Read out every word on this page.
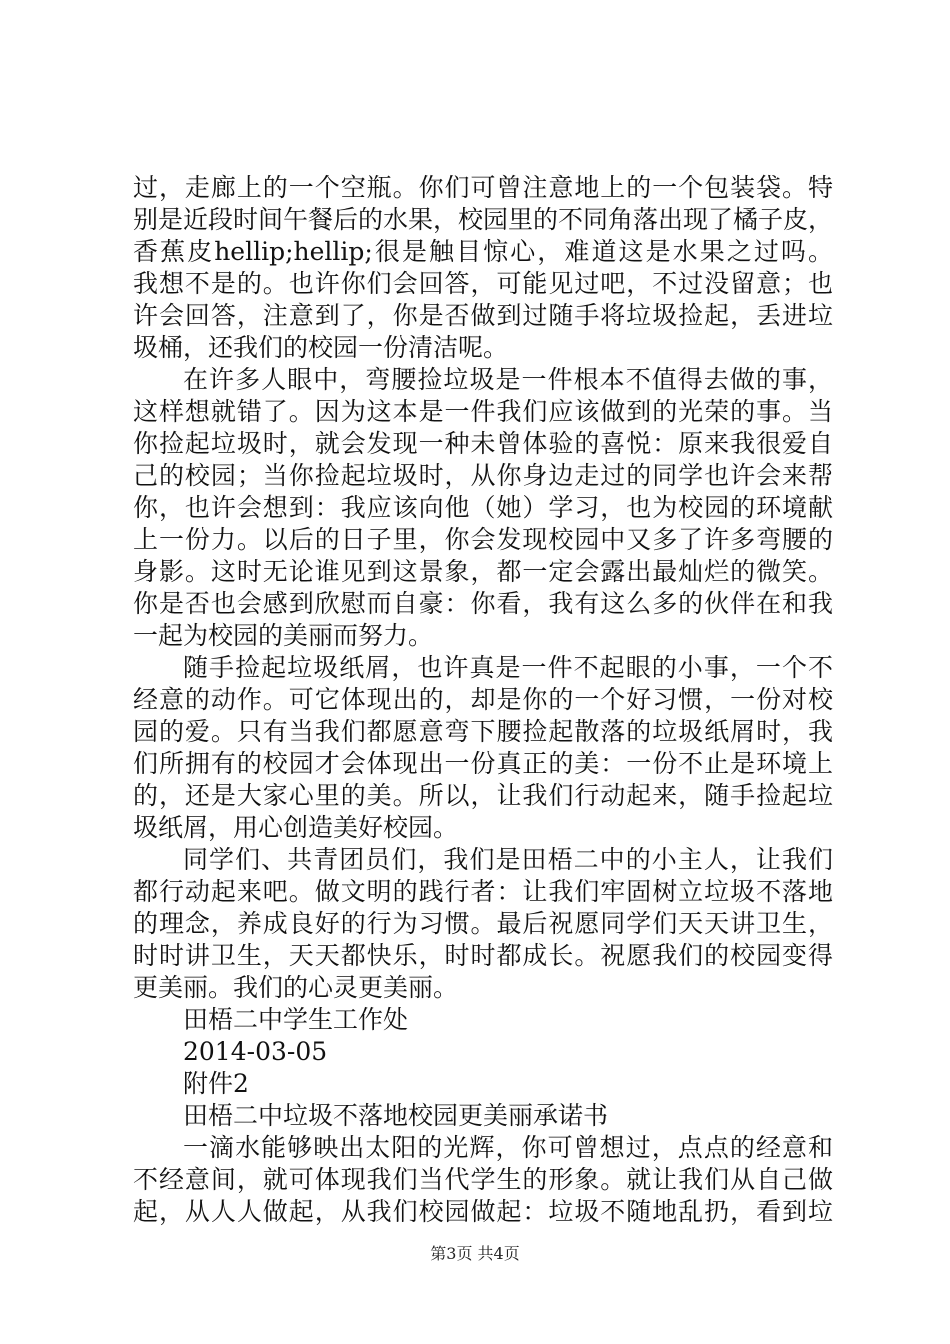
过，走廊上的一个空瓶。你们可曾注意地上的一个包装袋。特
别是近段时间午餐后的水果，校园里的不同角落出现了橘子皮，
香蕉皮hellip;hellip;很是触目惊心，难道这是水果之过吗。
我想不是的。也许你们会回答，可能见过吧，不过没留意；也
许会回答，注意到了，你是否做到过随手将垃圾捡起，丢进垃
圾桶，还我们的校园一份清洁呢。
在许多人眼中，弯腰捡垃圾是一件根本不值得去做的事，
这样想就错了。因为这本是一件我们应该做到的光荣的事。当
你捡起垃圾时，就会发现一种未曾体验的喜悦：原来我很爱自
己的校园；当你捡起垃圾时，从你身边走过的同学也许会来帮
你，也许会想到：我应该向他（她）学习，也为校园的环境献
上一份力。以后的日子里，你会发现校园中又多了许多弯腰的
身影。这时无论谁见到这景象，都一定会露出最灿烂的微笑。
你是否也会感到欣慰而自豪：你看，我有这么多的伙伴在和我
一起为校园的美丽而努力。
随手捡起垃圾纸屑，也许真是一件不起眼的小事，一个不
经意的动作。可它体现出的，却是你的一个好习惯，一份对校
园的爱。只有当我们都愿意弯下腰捡起散落的垃圾纸屑时，我
们所拥有的校园才会体现出一份真正的美：一份不止是环境上
的，还是大家心里的美。所以，让我们行动起来，随手捡起垃
圾纸屑，用心创造美好校园。
同学们、共青团员们，我们是田梧二中的小主人，让我们
都行动起来吧。做文明的践行者：让我们牢固树立垃圾不落地
的理念，养成良好的行为习惯。最后祝愿同学们天天讲卫生，
时时讲卫生，天天都快乐，时时都成长。祝愿我们的校园变得
更美丽。我们的心灵更美丽。
田梧二中学生工作处
2014-03-05
附件2
田梧二中垃圾不落地校园更美丽承诺书
一滴水能够映出太阳的光辉，你可曾想过，点点的经意和
不经意间，就可体现我们当代学生的形象。就让我们从自己做
起，从人人做起，从我们校园做起：垃圾不随地乱扔，看到垃
第3页 共4页
